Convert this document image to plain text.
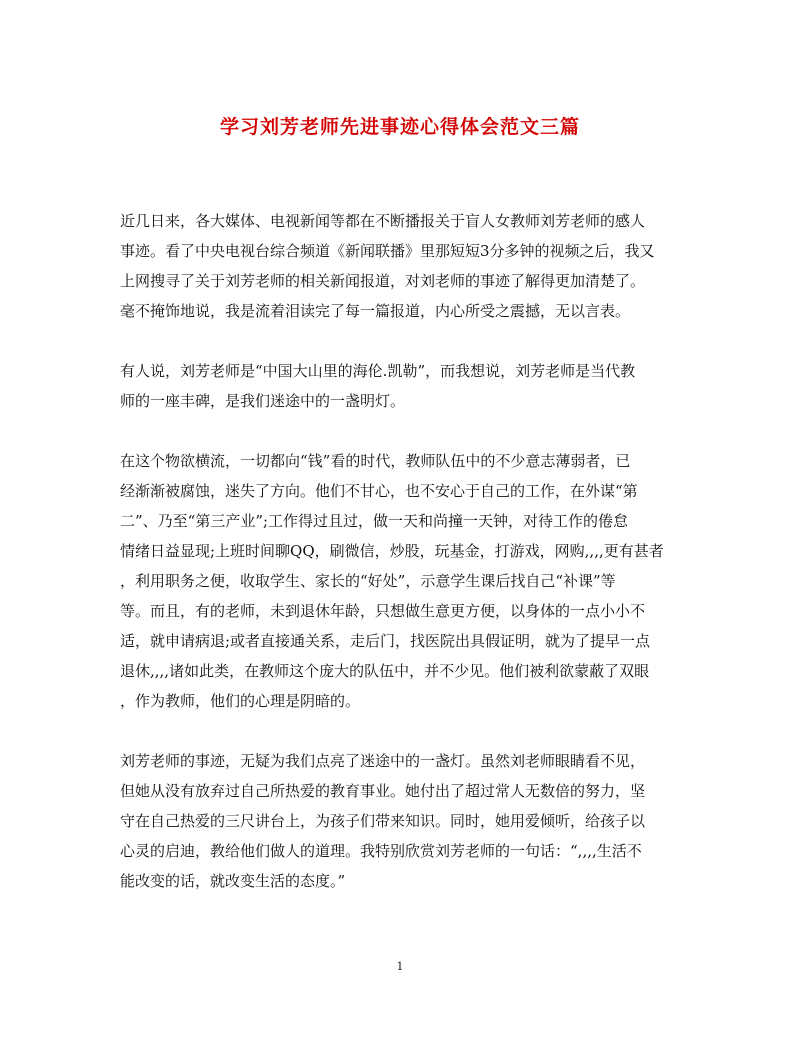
学习刘芳老师先进事迹心得体会范文三篇
近几日来，各大媒体、电视新闻等都在不断播报关于盲人女教师刘芳老师的感人
事迹。看了中央电视台综合频道《新闻联播》里那短短3分多钟的视频之后，我又
上网搜寻了关于刘芳老师的相关新闻报道，对刘老师的事迹了解得更加清楚了。
毫不掩饰地说，我是流着泪读完了每一篇报道，内心所受之震撼，无以言表。
有人说，刘芳老师是“中国大山里的海伦.凯勒”，而我想说，刘芳老师是当代教
师的一座丰碑，是我们迷途中的一盏明灯。
在这个物欲横流，一切都向“钱”看的时代，教师队伍中的不少意志薄弱者，已
经渐渐被腐蚀，迷失了方向。他们不甘心，也不安心于自己的工作，在外谋“第
二”、乃至“第三产业”;工作得过且过，做一天和尚撞一天钟，对待工作的倦怠
情绪日益显现;上班时间聊QQ，刷微信，炒股，玩基金，打游戏，网购,,,,更有甚者
，利用职务之便，收取学生、家长的“好处”，示意学生课后找自己“补课”等
等。而且，有的老师，未到退休年龄，只想做生意更方便，以身体的一点小小不
适，就申请病退;或者直接通关系，走后门，找医院出具假证明，就为了提早一点
退休,,,,诸如此类，在教师这个庞大的队伍中，并不少见。他们被利欲蒙蔽了双眼
，作为教师，他们的心理是阴暗的。
刘芳老师的事迹，无疑为我们点亮了迷途中的一盏灯。虽然刘老师眼睛看不见，
但她从没有放弃过自己所热爱的教育事业。她付出了超过常人无数倍的努力，坚
守在自己热爱的三尺讲台上，为孩子们带来知识。同时，她用爱倾听，给孩子以
心灵的启迪，教给他们做人的道理。我特别欣赏刘芳老师的一句话：“,,,,生活不
能改变的话，就改变生活的态度。”
1
